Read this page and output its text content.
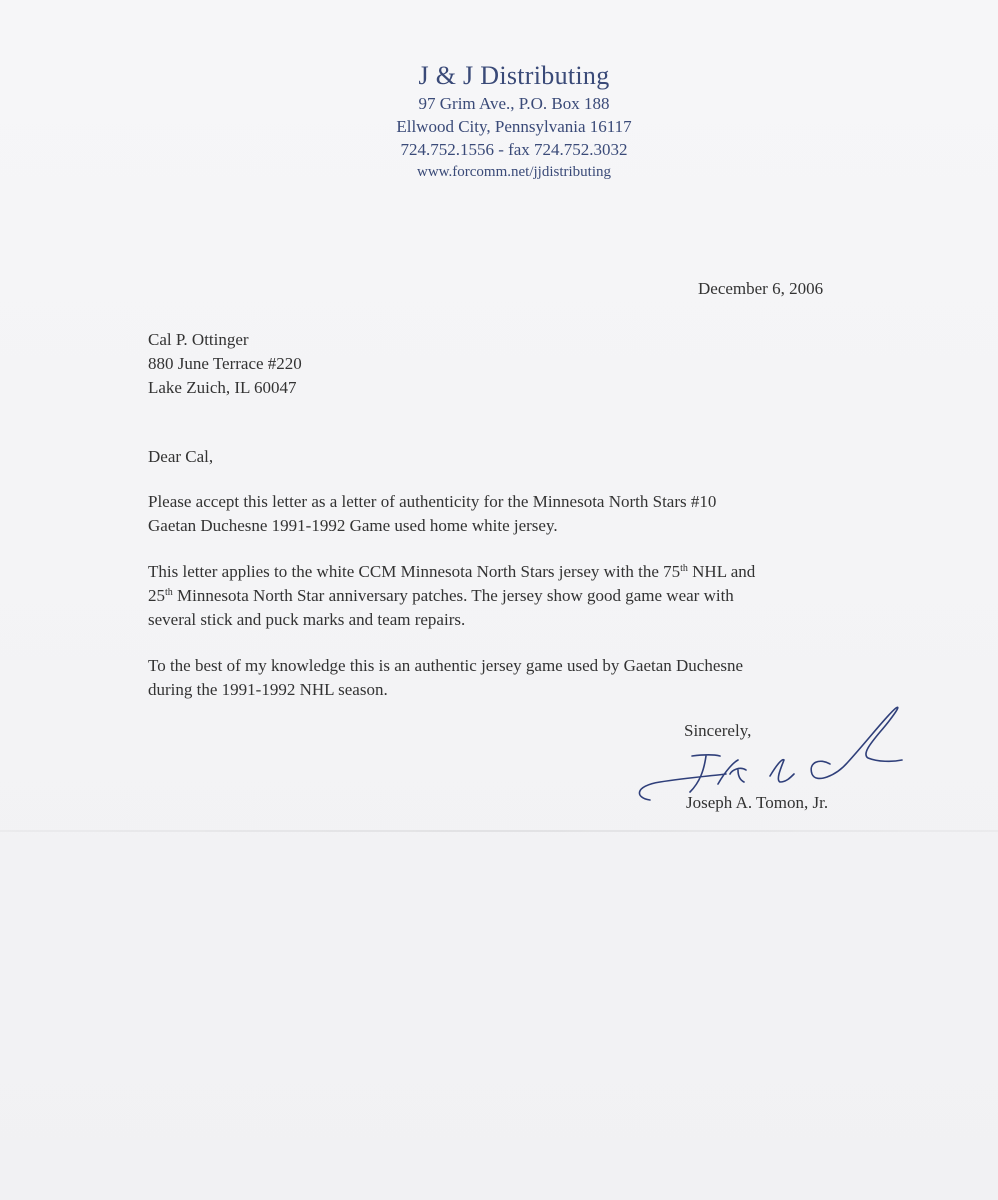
J & J Distributing
97 Grim Ave., P.O. Box 188
Ellwood City, Pennsylvania 16117
724.752.1556 - fax 724.752.3032
www.forcomm.net/jjdistributing
December 6, 2006
Cal P. Ottinger
880 June Terrace #220
Lake Zuich, IL 60047
Dear Cal,
Please accept this letter as a letter of authenticity for the Minnesota North Stars #10
Gaetan Duchesne 1991-1992 Game used home white jersey.
This letter applies to the white CCM Minnesota North Stars jersey with the 75th NHL and
25th Minnesota North Star anniversary patches. The jersey show good game wear with
several stick and puck marks and team repairs.
To the best of my knowledge this is an authentic jersey game used by Gaetan Duchesne
during the 1991-1992 NHL season.
Sincerely,
Joseph A. Tomon, Jr.
